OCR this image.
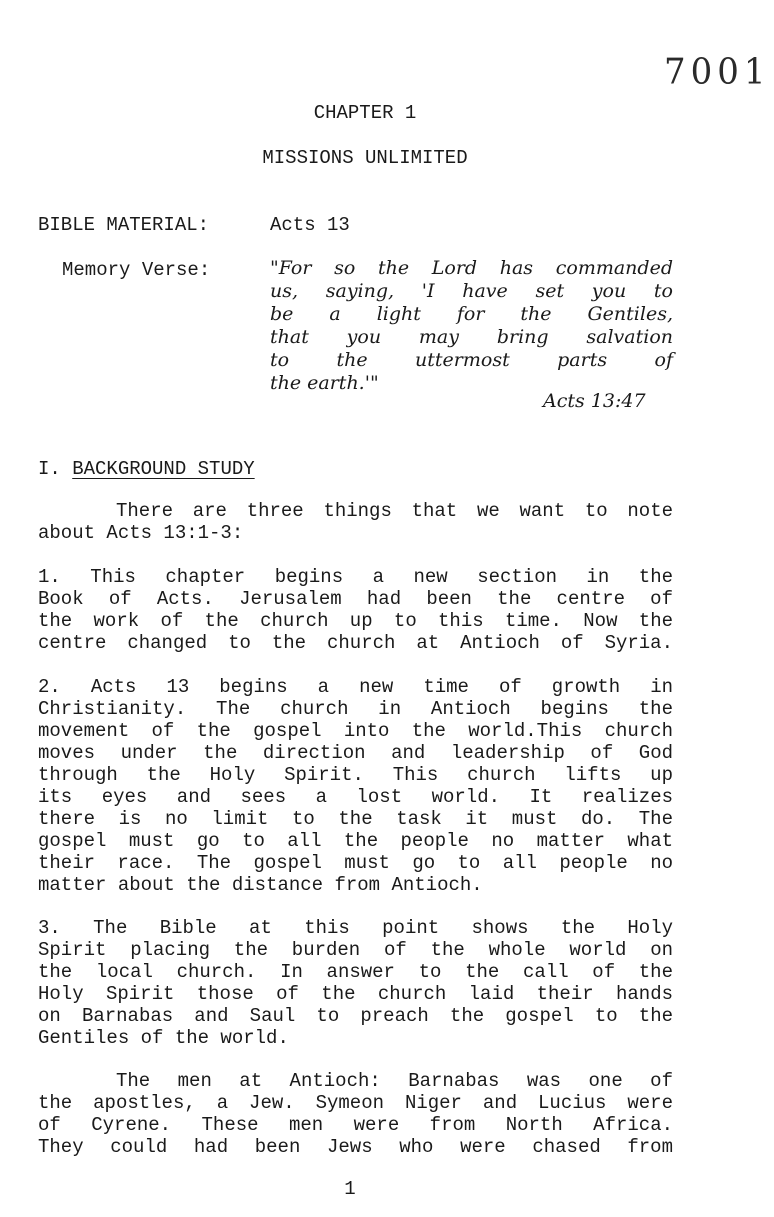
7001
CHAPTER 1
MISSIONS UNLIMITED
BIBLE MATERIAL:	Acts 13
Memory Verse:	"For so the Lord has commanded
us, saying, 'I have set you to
be a light for the Gentiles,
that you may bring salvation
to the uttermost parts of
the earth.'"
Acts 13:47
I. BACKGROUND STUDY
There are three things that we want to note
about Acts 13:1-3:
1. This chapter begins a new section in the
Book of Acts. Jerusalem had been the centre of
the work of the church up to this time. Now the
centre changed to the church at Antioch of Syria.
2. Acts 13 begins a new time of growth in
Christianity. The church in Antioch begins the
movement of the gospel into the world.This church
moves under the direction and leadership of God
through the Holy Spirit. This church lifts up
its eyes and sees a lost world. It realizes
there is no limit to the task it must do. The
gospel must go to all the people no matter what
their race. The gospel must go to all people no
matter about the distance from Antioch.
3. The Bible at this point shows the Holy
Spirit placing the burden of the whole world on
the local church. In answer to the call of the
Holy Spirit those of the church laid their hands
on Barnabas and Saul to preach the gospel to the
Gentiles of the world.
The men at Antioch: Barnabas was one of
the apostles, a Jew. Symeon Niger and Lucius were
of Cyrene. These men were from North Africa.
They could had been Jews who were chased from
1
